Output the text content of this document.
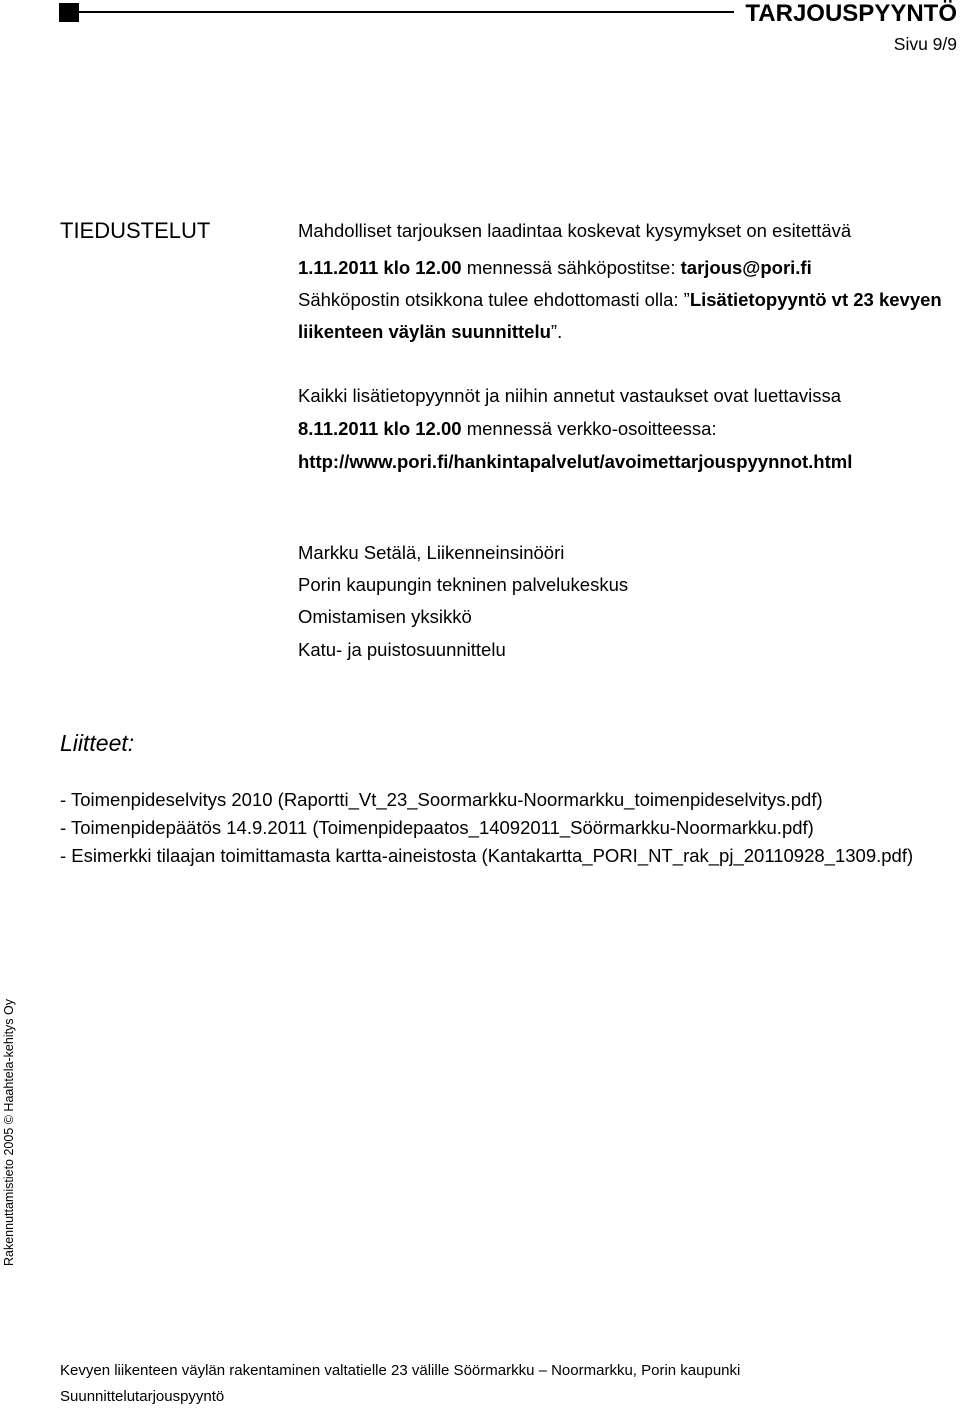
TARJOUSPYYNTÖ
Sivu 9/9
TIEDUSTELUT	Mahdolliset tarjouksen laadintaa koskevat kysymykset on esitettävä
1.11.2011 klo 12.00 mennessä sähköpostitse: tarjous@pori.fi
Sähköpostin otsikkona tulee ehdottomasti olla: ”Lisätietopyyntö vt 23 kevyen
liikenteen väylän suunnittelu”.
Kaikki lisätietopyynnöt ja niihin annetut vastaukset ovat luettavissa
8.11.2011 klo 12.00 mennessä verkko-osoitteessa:
http://www.pori.fi/hankintapalvelut/avoimettarjouspyynnot.html
Markku Setälä, Liikenneinsinööri
Porin kaupungin tekninen palvelukeskus
Omistamisen yksikkö
Katu- ja puistosuunnittelu
Liitteet:
- Toimenpideselvitys 2010 (Raportti_Vt_23_Soormarkku-Noormarkku_toimenpideselvitys.pdf)
- Toimenpidepäätös 14.9.2011 (Toimenpidepaatos_14092011_Söörmarkku-Noormarkku.pdf)
- Esimerkki tilaajan toimittamasta kartta-aineistosta (Kantakartta_PORI_NT_rak_pj_20110928_1309.pdf)
Rakennuttamistieto 2005 © Haahtela-kehitys Oy
Kevyen liikenteen väylän rakentaminen valtatielle 23 välille Söörmarkku – Noormarkku, Porin kaupunki
Suunnittelutarjouspyyntö
